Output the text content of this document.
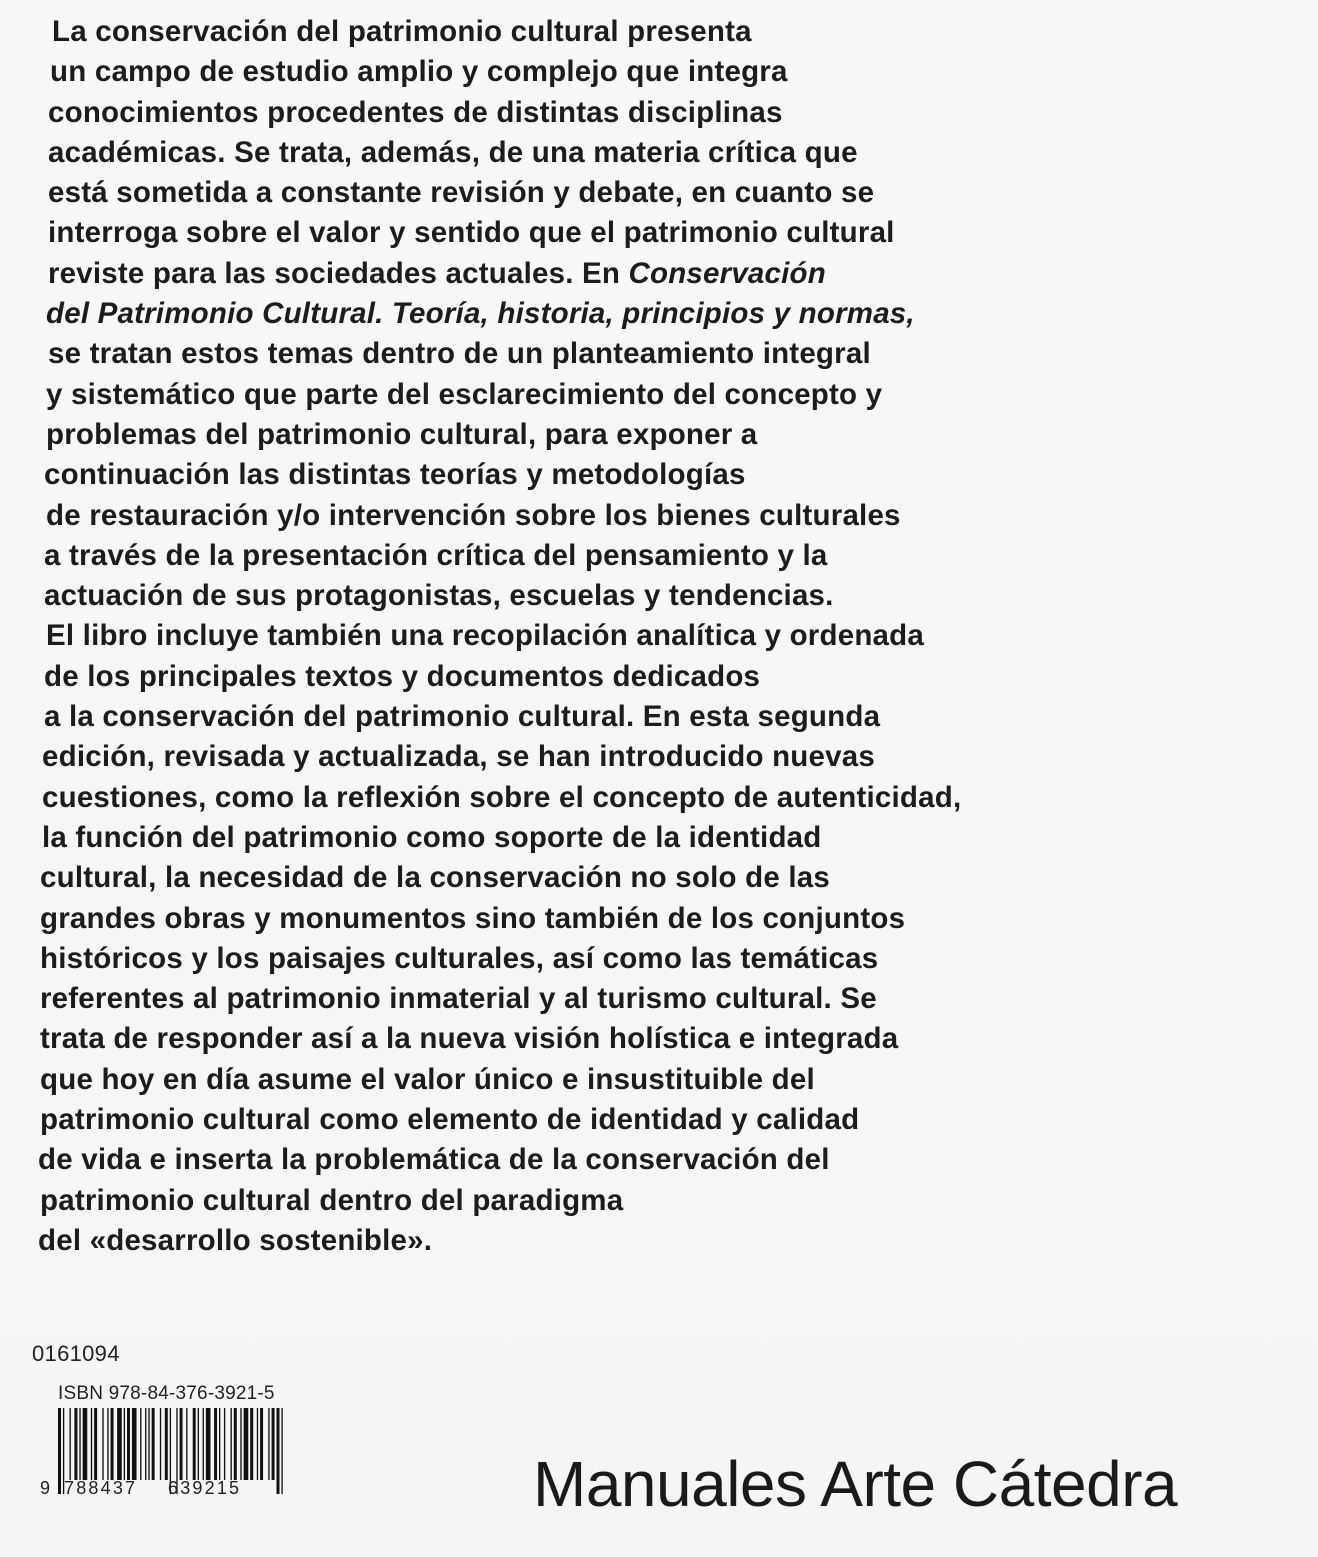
La conservación del patrimonio cultural presenta
un campo de estudio amplio y complejo que integra
conocimientos procedentes de distintas disciplinas
académicas. Se trata, además, de una materia crítica que
está sometida a constante revisión y debate, en cuanto se
interroga sobre el valor y sentido que el patrimonio cultural
reviste para las sociedades actuales. En Conservación
del Patrimonio Cultural. Teoría, historia, principios y normas,
se tratan estos temas dentro de un planteamiento integral
y sistemático que parte del esclarecimiento del concepto y
problemas del patrimonio cultural, para exponer a
continuación las distintas teorías y metodologías
de restauración y/o intervención sobre los bienes culturales
a través de la presentación crítica del pensamiento y la
actuación de sus protagonistas, escuelas y tendencias.
El libro incluye también una recopilación analítica y ordenada
de los principales textos y documentos dedicados
a la conservación del patrimonio cultural. En esta segunda
edición, revisada y actualizada, se han introducido nuevas
cuestiones, como la reflexión sobre el concepto de autenticidad,
la función del patrimonio como soporte de la identidad
cultural, la necesidad de la conservación no solo de las
grandes obras y monumentos sino también de los conjuntos
históricos y los paisajes culturales, así como las temáticas
referentes al patrimonio inmaterial y al turismo cultural. Se
trata de responder así a la nueva visión holística e integrada
que hoy en día asume el valor único e insustituible del
patrimonio cultural como elemento de identidad y calidad
de vida e inserta la problemática de la conservación del
patrimonio cultural dentro del paradigma
del «desarrollo sostenible».
0161094
ISBN 978-84-376-3921-5
9 788437 639215	Manuales Arte Cátedra
